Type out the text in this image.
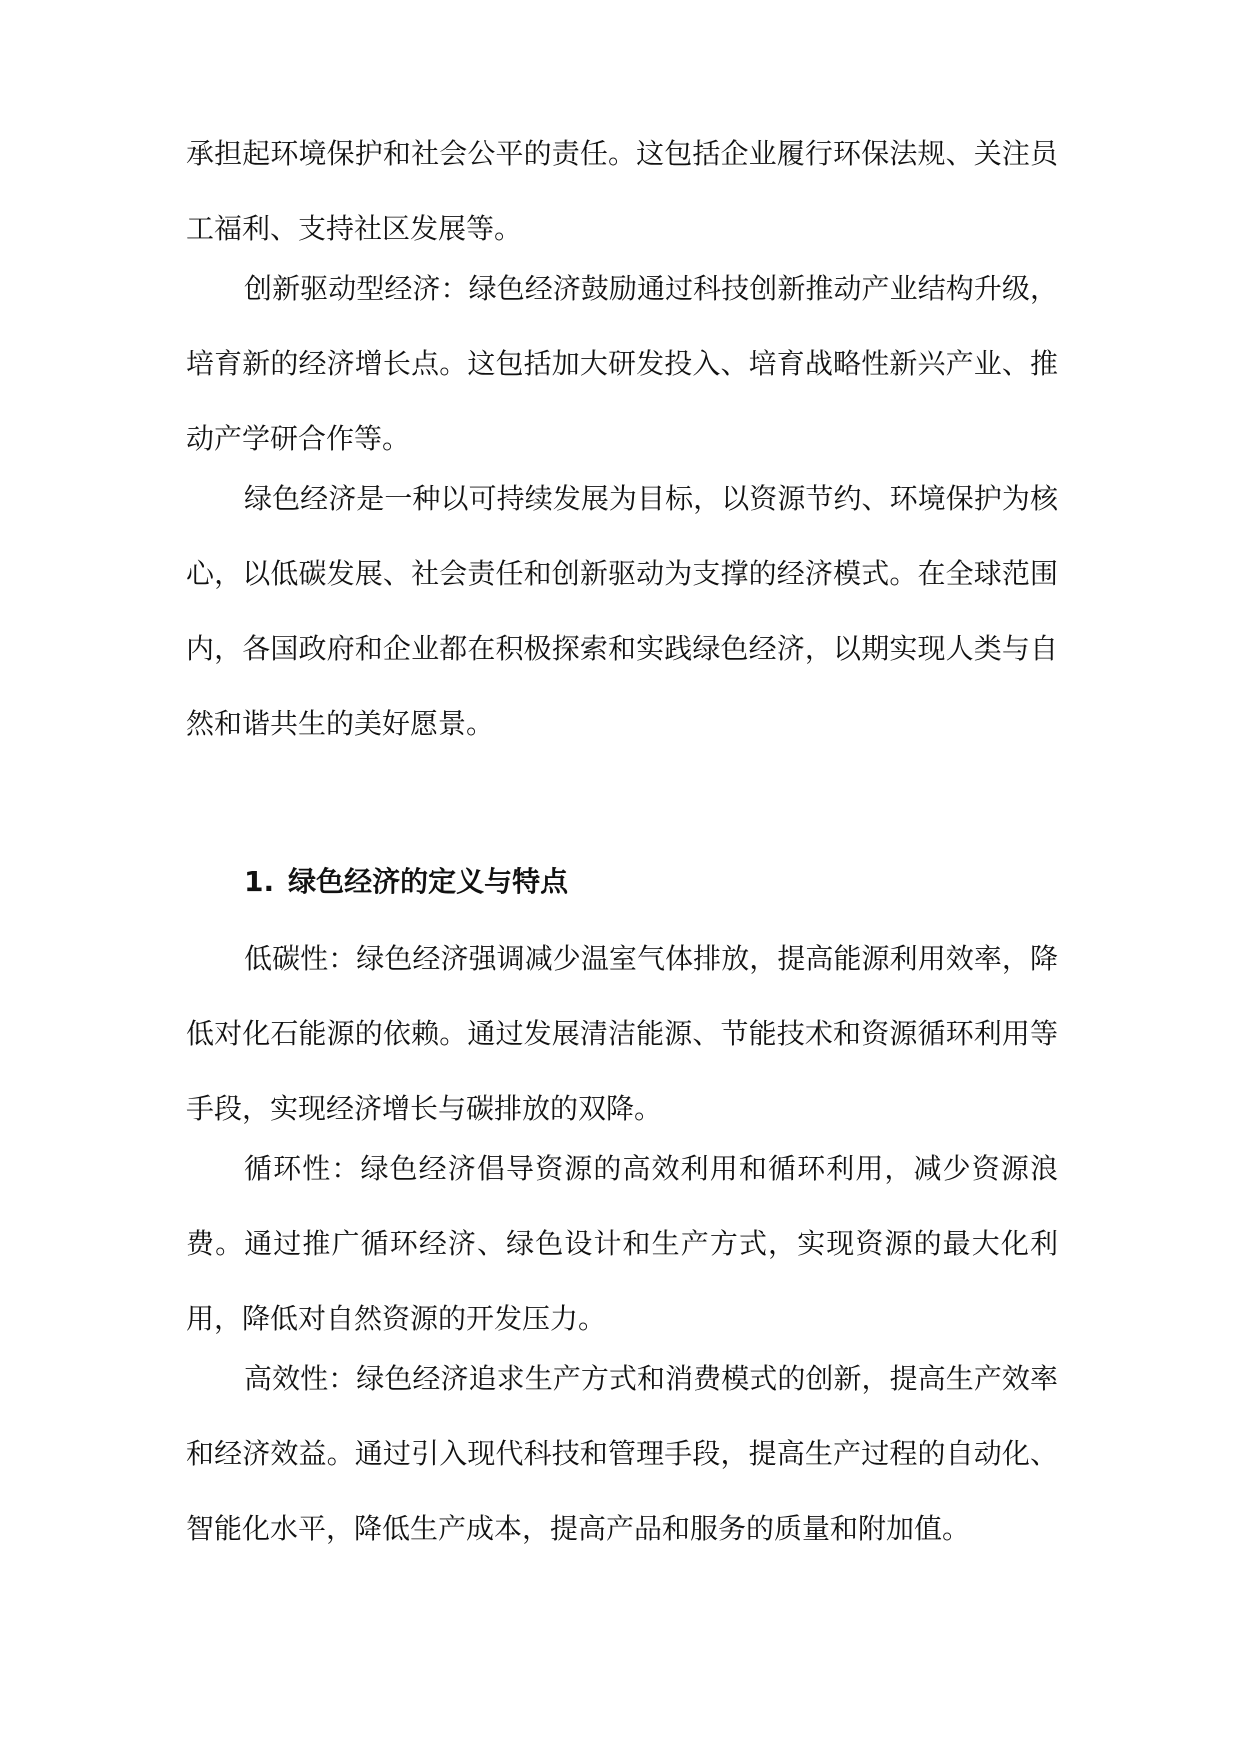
承担起环境保护和社会公平的责任。这包括企业履行环保法规、关注员工福利、支持社区发展等。
创新驱动型经济：绿色经济鼓励通过科技创新推动产业结构升级，培育新的经济增长点。这包括加大研发投入、培育战略性新兴产业、推动产学研合作等。
绿色经济是一种以可持续发展为目标，以资源节约、环境保护为核心，以低碳发展、社会责任和创新驱动为支撑的经济模式。在全球范围内，各国政府和企业都在积极探索和实践绿色经济，以期实现人类与自然和谐共生的美好愿景。
1. 绿色经济的定义与特点
低碳性：绿色经济强调减少温室气体排放，提高能源利用效率，降低对化石能源的依赖。通过发展清洁能源、节能技术和资源循环利用等手段，实现经济增长与碳排放的双降。
循环性：绿色经济倡导资源的高效利用和循环利用，减少资源浪费。通过推广循环经济、绿色设计和生产方式，实现资源的最大化利用，降低对自然资源的开发压力。
高效性：绿色经济追求生产方式和消费模式的创新，提高生产效率和经济效益。通过引入现代科技和管理手段，提高生产过程的自动化、智能化水平，降低生产成本，提高产品和服务的质量和附加值。
